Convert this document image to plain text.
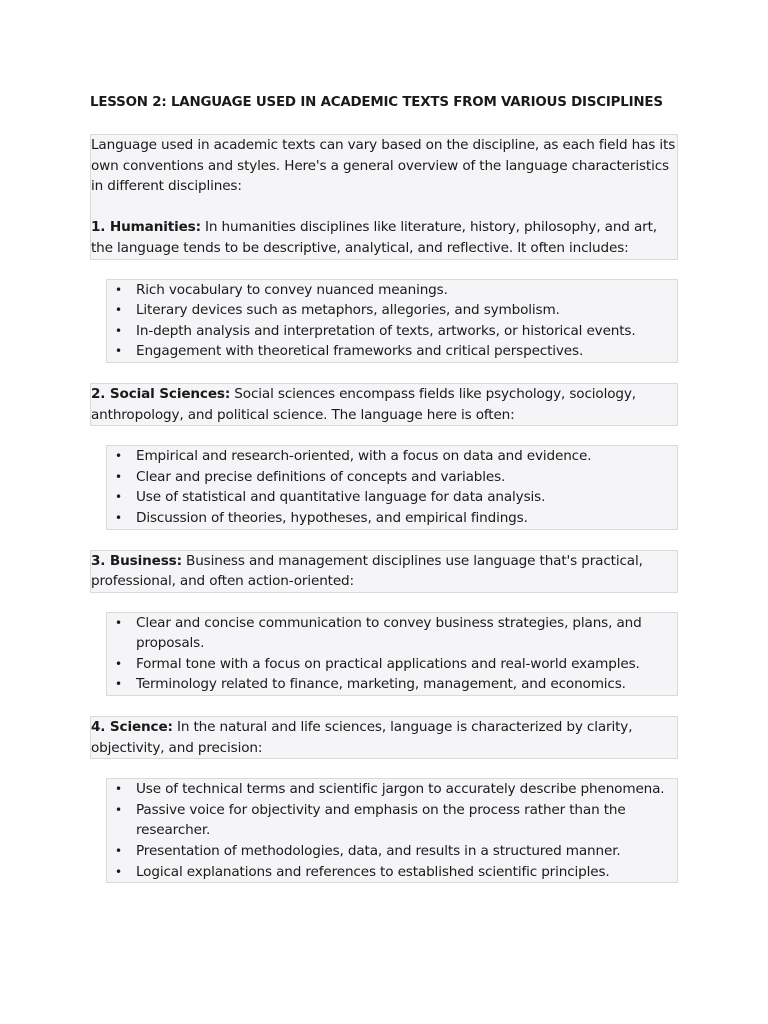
LESSON 2: LANGUAGE USED IN ACADEMIC TEXTS FROM VARIOUS DISCIPLINES

Language used in academic texts can vary based on the discipline, as each field has its own conventions and styles. Here's a general overview of the language characteristics in different disciplines:

1. Humanities: In humanities disciplines like literature, history, philosophy, and art, the language tends to be descriptive, analytical, and reflective. It often includes:

• Rich vocabulary to convey nuanced meanings.
• Literary devices such as metaphors, allegories, and symbolism.
• In-depth analysis and interpretation of texts, artworks, or historical events.
• Engagement with theoretical frameworks and critical perspectives.

2. Social Sciences: Social sciences encompass fields like psychology, sociology, anthropology, and political science. The language here is often:

• Empirical and research-oriented, with a focus on data and evidence.
• Clear and precise definitions of concepts and variables.
• Use of statistical and quantitative language for data analysis.
• Discussion of theories, hypotheses, and empirical findings.

3. Business: Business and management disciplines use language that's practical, professional, and often action-oriented:

• Clear and concise communication to convey business strategies, plans, and proposals.
• Formal tone with a focus on practical applications and real-world examples.
• Terminology related to finance, marketing, management, and economics.

4. Science: In the natural and life sciences, language is characterized by clarity, objectivity, and precision:

• Use of technical terms and scientific jargon to accurately describe phenomena.
• Passive voice for objectivity and emphasis on the process rather than the researcher.
• Presentation of methodologies, data, and results in a structured manner.
• Logical explanations and references to established scientific principles.
